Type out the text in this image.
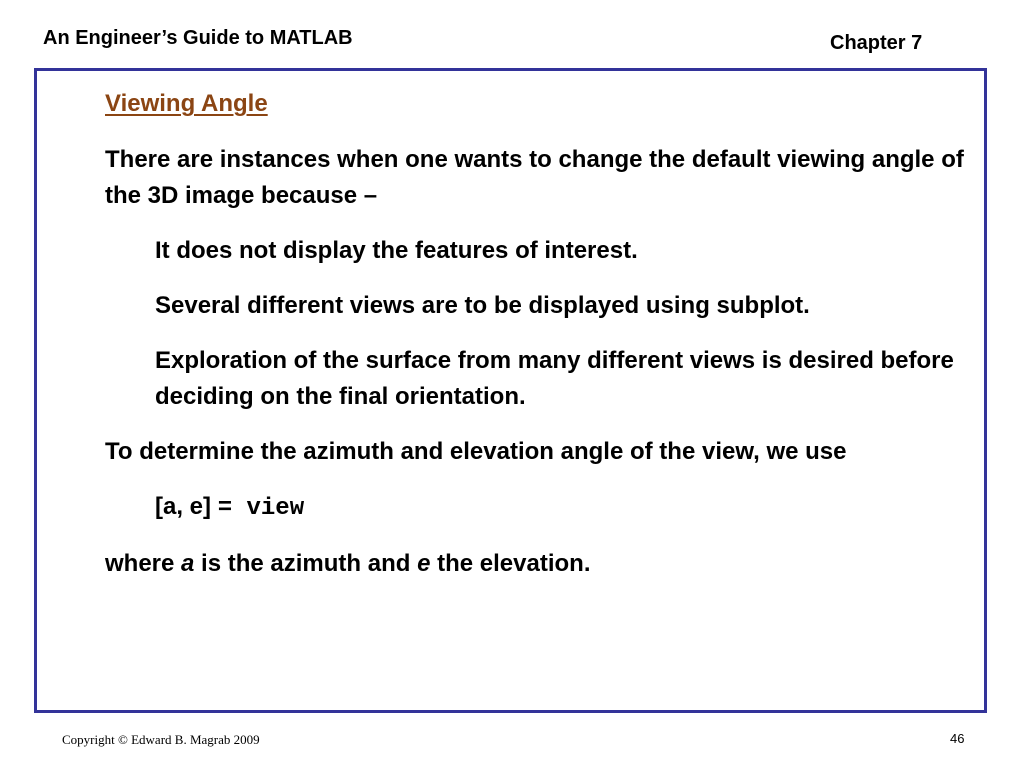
An Engineer’s Guide to MATLAB	Chapter 7

Viewing Angle

There are instances when one wants to change the default viewing angle of the 3D image because –

It does not display the features of interest.

Several different views are to be displayed using subplot.

Exploration of the surface from many different views is desired before deciding on the final orientation.

To determine the azimuth and elevation angle of the view, we use

[a, e] = view

where a is the azimuth and e the elevation.

Copyright © Edward B. Magrab 2009	46
